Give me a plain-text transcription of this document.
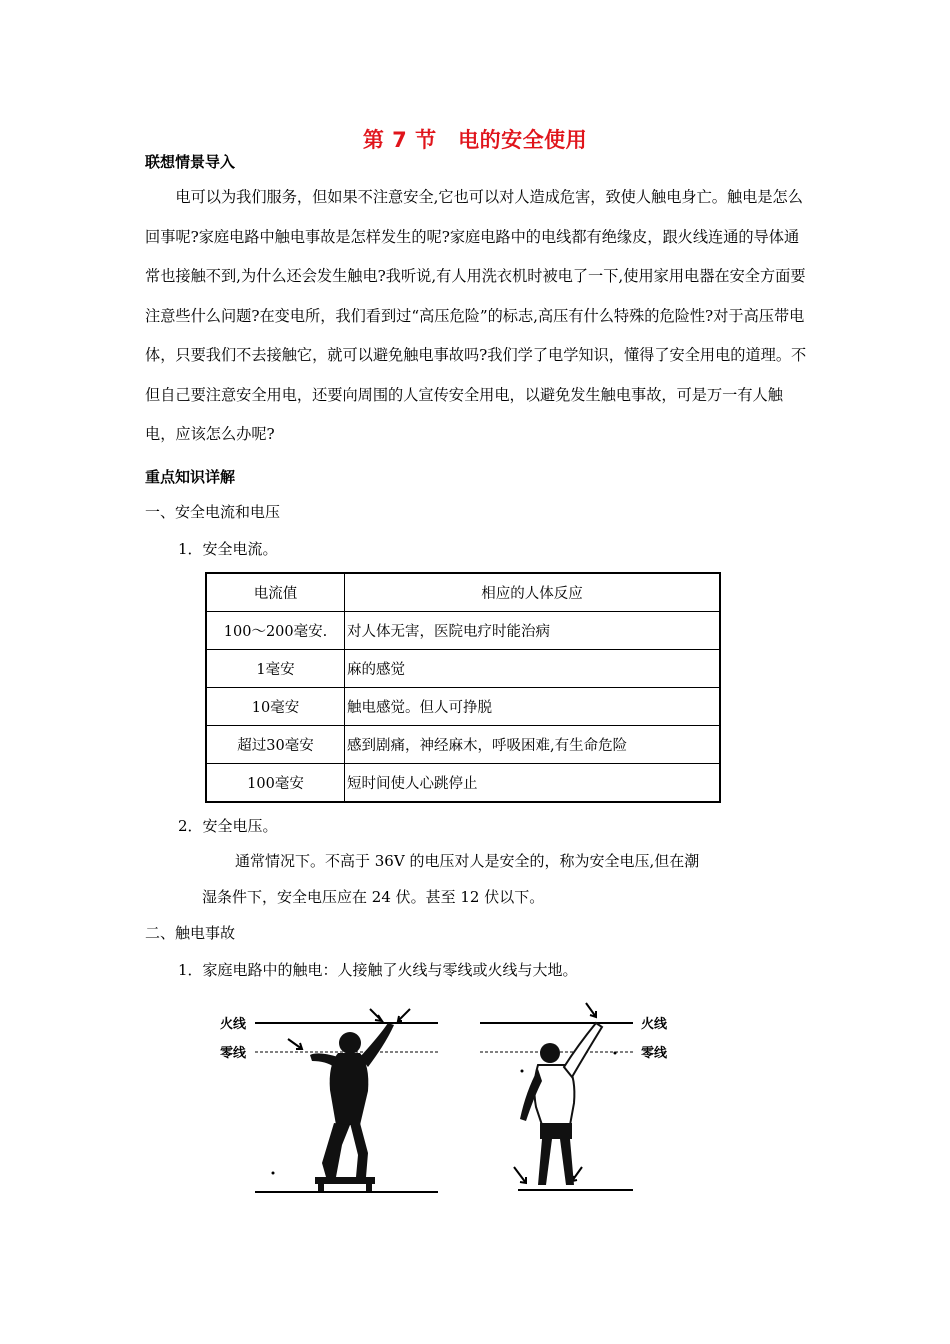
第 7 节　电的安全使用
联想情景导入
　　电可以为我们服务，但如果不注意安全,它也可以对人造成危害，致使人触电身亡。触电是怎么回事呢?家庭电路中触电事故是怎样发生的呢?家庭电路中的电线都有绝缘皮，跟火线连通的导体通常也接触不到,为什么还会发生触电?我听说,有人用洗衣机时被电了一下,使用家用电器在安全方面要注意些什么问题?在变电所，我们看到过“高压危险”的标志,高压有什么特殊的危险性?对于高压带电体，只要我们不去接触它，就可以避免触电事故吗?我们学了电学知识，懂得了安全用电的道理。不但自己要注意安全用电，还要向周围的人宣传安全用电，以避免发生触电事故，可是万一有人触电，应该怎么办呢?
重点知识详解
一、安全电流和电压
1．安全电流。
电流值	相应的人体反应
100～200毫安.	对人体无害，医院电疗时能治病
1毫安	麻的感觉
10毫安	触电感觉。但人可挣脱
超过30毫安	感到剧痛，神经麻木，呼吸困难,有生命危险
100毫安	短时间使人心跳停止
2．安全电压。
通常情况下。不高于 36V 的电压对人是安全的，称为安全电压,但在潮
湿条件下，安全电压应在 24 伏。甚至 12 伏以下。
二、触电事故
1．家庭电路中的触电：人接触了火线与零线或火线与大地。
火线
零线
火线
零线
